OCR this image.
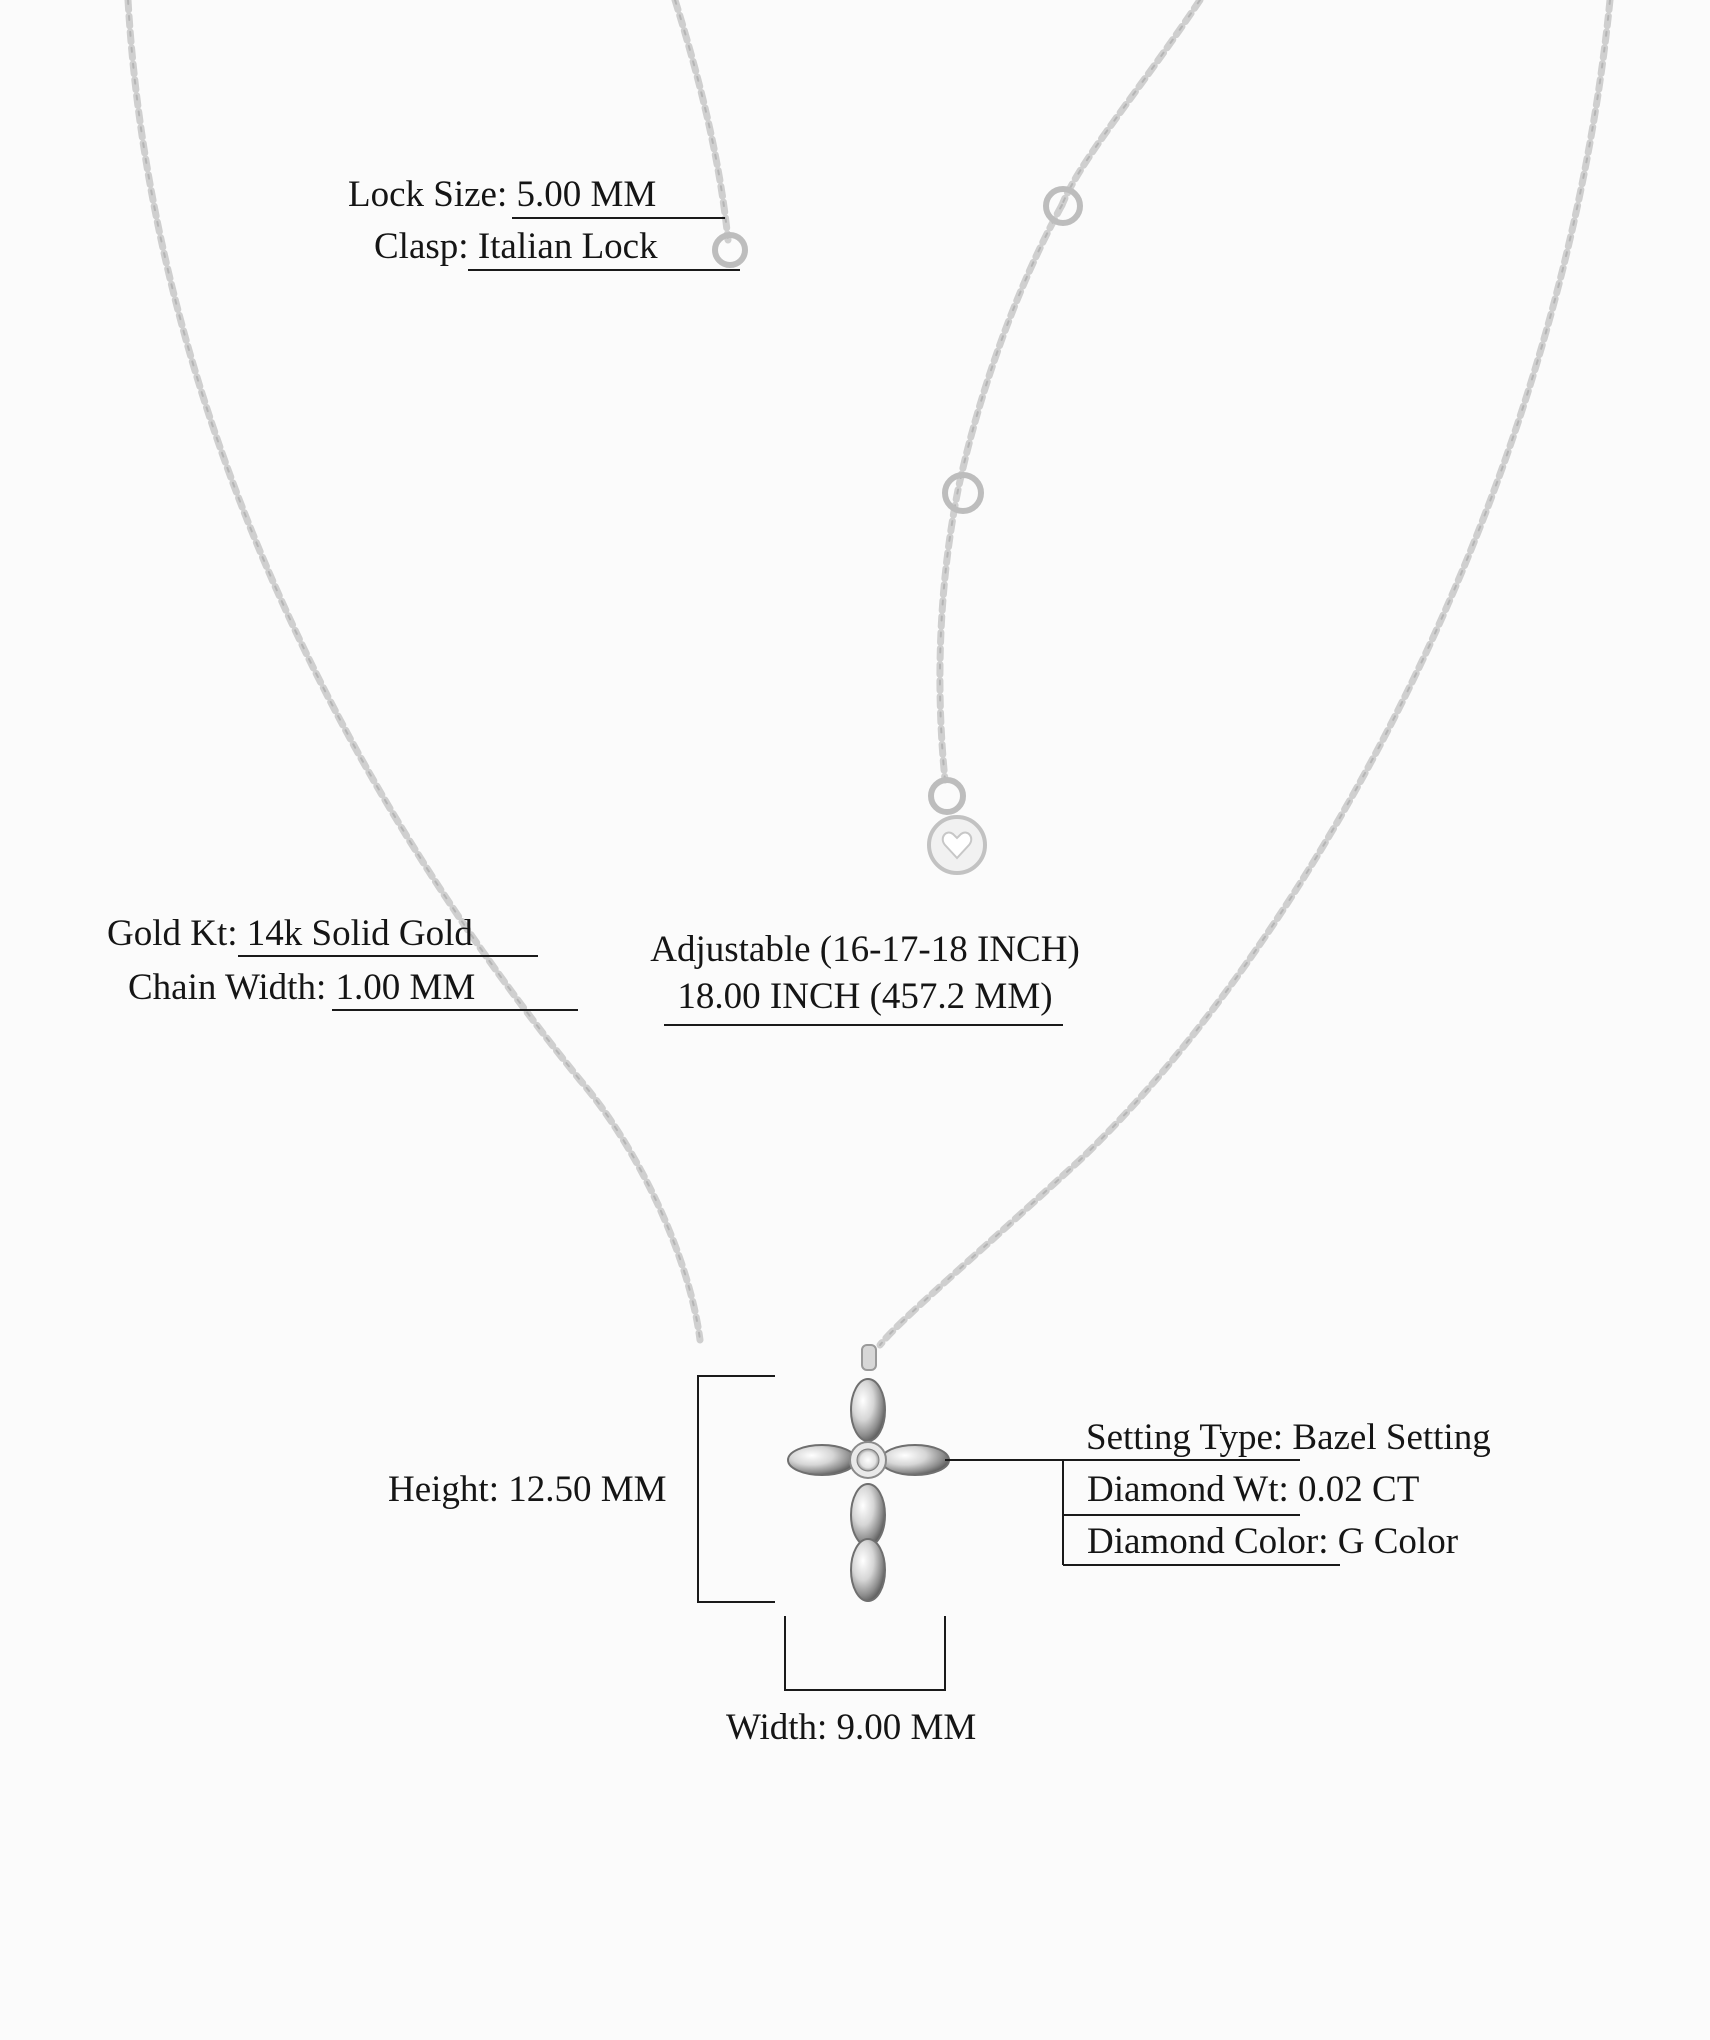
Lock Size: 5.00 MM
Clasp: Italian Lock
Gold Kt: 14k Solid Gold
Chain Width: 1.00 MM
Adjustable (16-17-18 INCH)
18.00 INCH (457.2 MM)
Height: 12.50 MM
Width: 9.00 MM
Setting Type: Bazel Setting
Diamond Wt: 0.02 CT
Diamond Color: G Color
